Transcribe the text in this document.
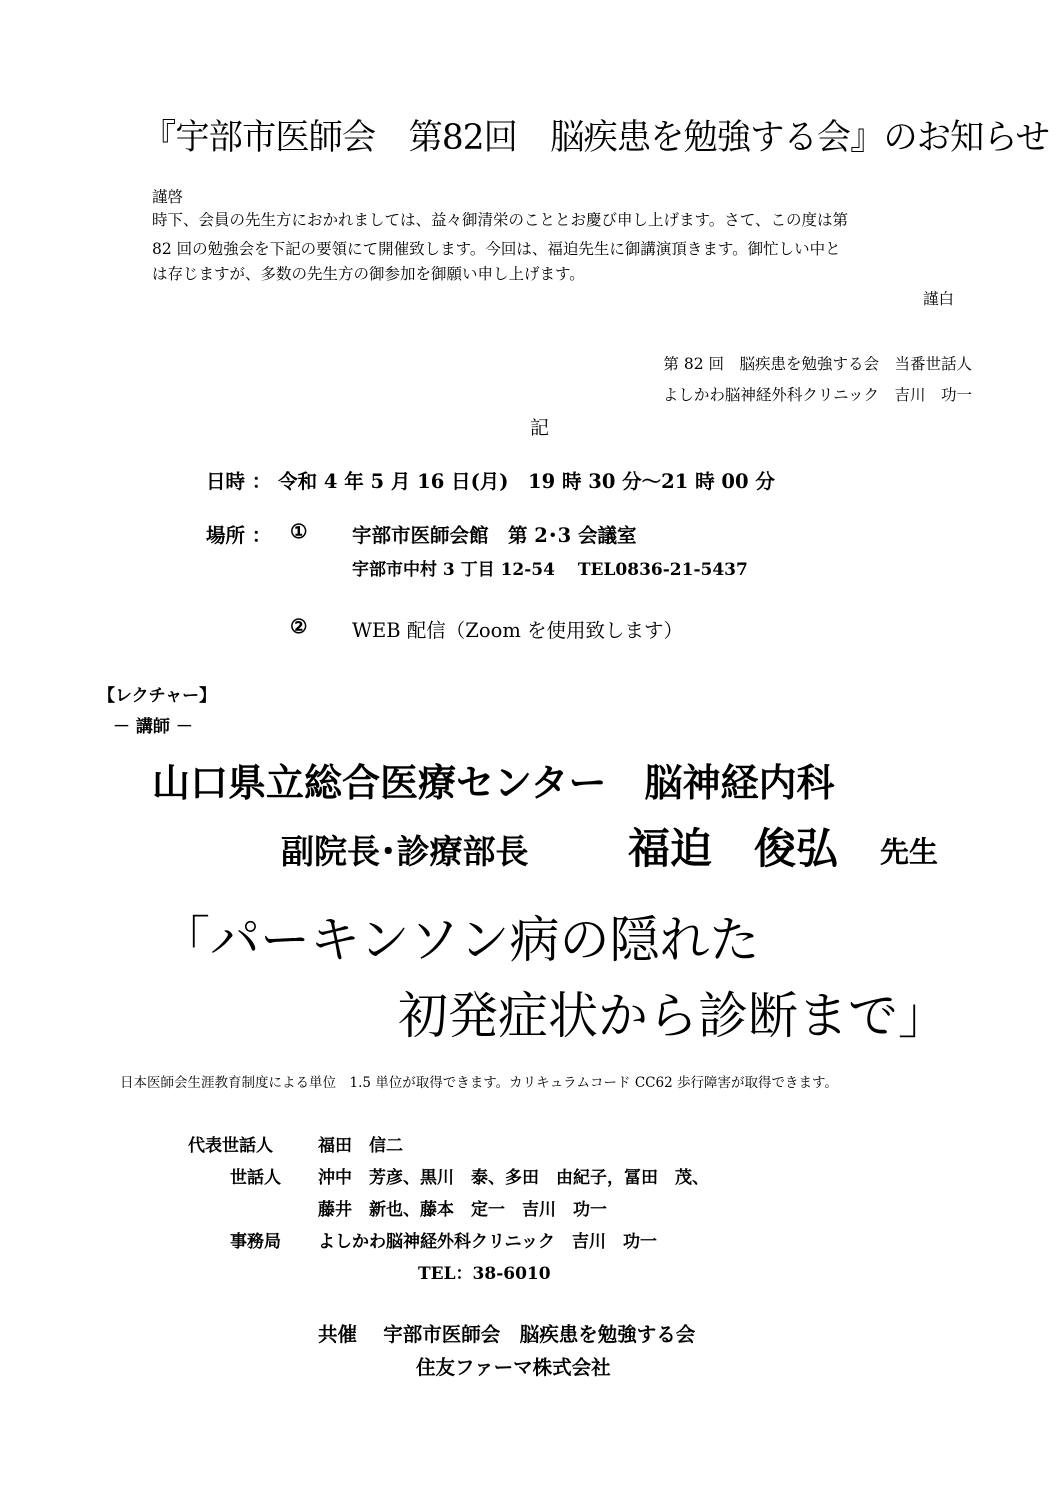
『宇部市医師会　第82回　脳疾患を勉強する会』のお知らせ
謹啓
時下、会員の先生方におかれましては、益々御清栄のこととお慶び申し上げます。さて、この度は第
82 回の勉強会を下記の要領にて開催致します。今回は、福迫先生に御講演頂きます。御忙しい中と
は存じますが、多数の先生方の御参加を御願い申し上げます。
謹白
第 82 回　脳疾患を勉強する会　当番世話人
よしかわ脳神経外科クリニック　吉川　功一
記
日時 ： 令和 4 年 5 月 16 日(月)　19 時 30 分～21 時 00 分
場所 ： ① 宇部市医師会館　第 2･3 会議室
宇部市中村 3 丁目 12-54　 TEL0836-21-5437
② WEB 配信（Zoom を使用致します）
【レクチャー】
－ 講師 －
山口県立総合医療センター　脳神経内科
副院長･診療部長 福迫　俊弘 先生
「パーキンソン病の隠れた
初発症状から診断まで」
日本医師会生涯教育制度による単位　1.5 単位が取得できます。カリキュラムコード CC62 歩行障害が取得できます。
代表世話人	福田　信二
世話人 沖中　芳彦、黒川　泰、多田　由紀子，冨田　茂、
藤井　新也、藤本　定一　吉川　功一
事務局 よしかわ脳神経外科クリニック　吉川　功一
TEL：38-6010
共催　 宇部市医師会　脳疾患を勉強する会
住友ファーマ株式会社
